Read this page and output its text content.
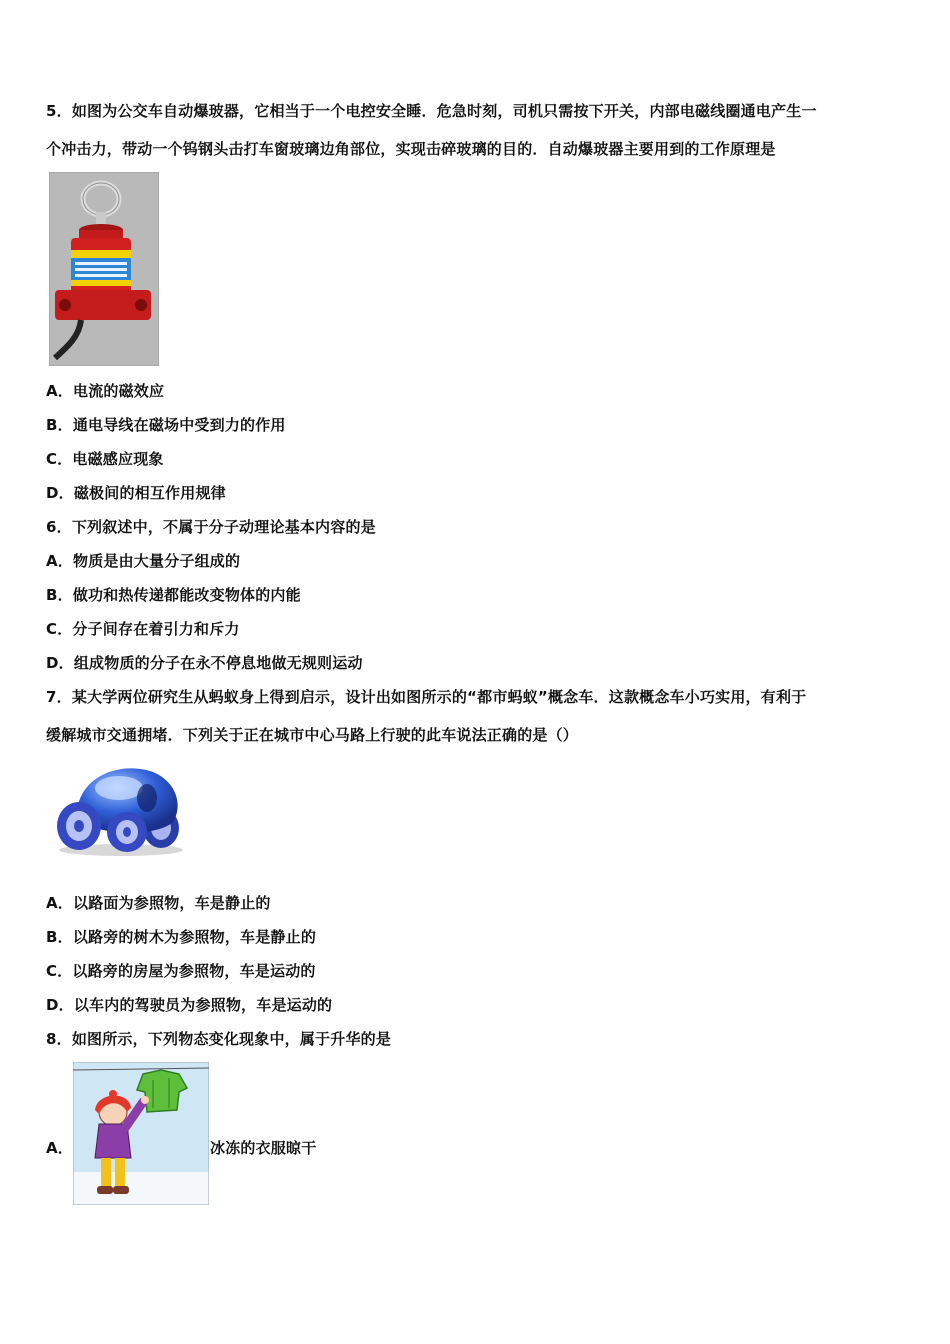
5．如图为公交车自动爆玻器，它相当于一个电控安全睡．危急时刻，司机只需按下开关，内部电磁线圈通电产生一
个冲击力，带动一个钨钢头击打车窗玻璃边角部位，实现击碎玻璃的目的．自动爆玻器主要用到的工作原理是
A．电流的磁效应
B．通电导线在磁场中受到力的作用
C．电磁感应现象
D．磁极间的相互作用规律
6．下列叙述中，不属于分子动理论基本内容的是
A．物质是由大量分子组成的
B．做功和热传递都能改变物体的内能
C．分子间存在着引力和斥力
D．组成物质的分子在永不停息地做无规则运动
7．某大学两位研究生从蚂蚁身上得到启示，设计出如图所示的“都市蚂蚁”概念车．这款概念车小巧实用，有利于
缓解城市交通拥堵．下列关于正在城市中心马路上行驶的此车说法正确的是（）
A．以路面为参照物，车是静止的
B．以路旁的树木为参照物，车是静止的
C．以路旁的房屋为参照物，车是运动的
D．以车内的驾驶员为参照物，车是运动的
8．如图所示，下列物态变化现象中，属于升华的是
A．	冰冻的衣服晾干
